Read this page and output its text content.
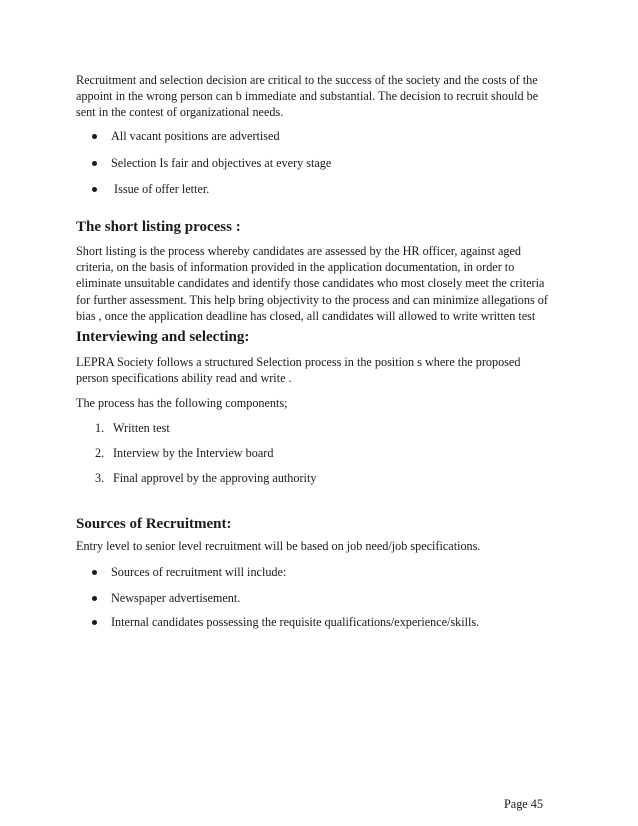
Recruitment and selection decision are critical to the success of the society and the costs of the
appoint in the wrong person can b immediate and substantial. The decision to recruit should be
sent in the contest of organizational needs.
All vacant positions are advertised
Selection Is fair and objectives at every stage
Issue of offer letter.
The short listing process :
Short listing is the process whereby candidates are assessed by the HR officer, against aged
criteria, on the basis of information provided in the application documentation, in order to
eliminate unsuitable candidates and identify those candidates who most closely meet the criteria
for further assessment. This help bring objectivity to the process and can minimize allegations of
bias , once the application deadline has closed, all candidates will allowed to write written test
Interviewing and selecting:
LEPRA Society follows a structured Selection process in the position s where the proposed
person specifications ability read and write .
The process has the following components;
1. Written test
2. Interview by the Interview board
3. Final approvel by the approving authority
Sources of Recruitment:
Entry level to senior level recruitment will be based on job need/job specifications.
Sources of recruitment will include:
Newspaper advertisement.
Internal candidates possessing the requisite qualifications/experience/skills.
Page 45
